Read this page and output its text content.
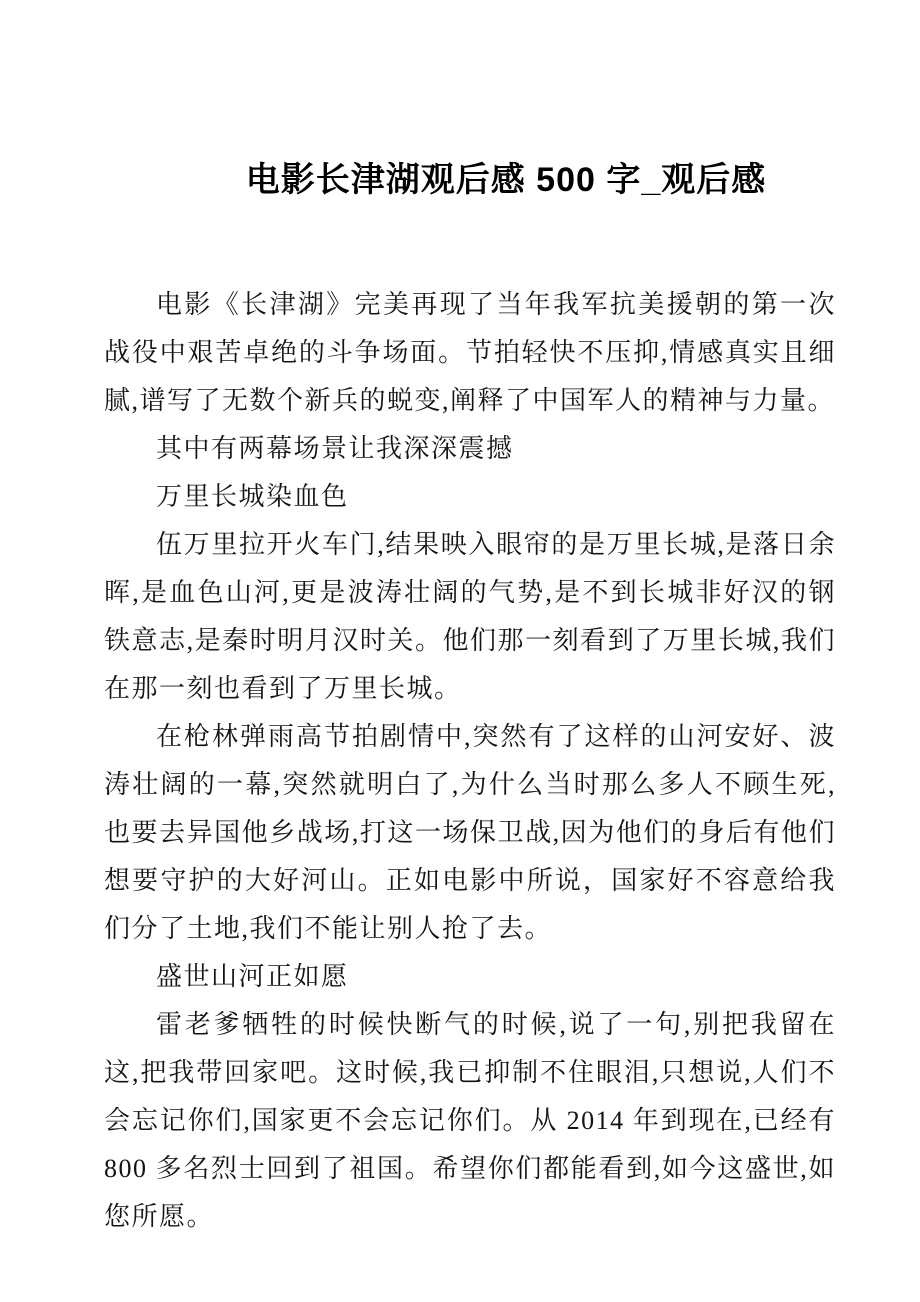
电影长津湖观后感 500 字_观后感

电影《长津湖》完美再现了当年我军抗美援朝的第一次战役中艰苦卓绝的斗争场面。节拍轻快不压抑,情感真实且细腻,谱写了无数个新兵的蜕变,阐释了中国军人的精神与力量。

其中有两幕场景让我深深震撼

万里长城染血色

伍万里拉开火车门,结果映入眼帘的是万里长城,是落日余晖,是血色山河,更是波涛壮阔的气势,是不到长城非好汉的钢铁意志,是秦时明月汉时关。他们那一刻看到了万里长城,我们在那一刻也看到了万里长城。

在枪林弹雨高节拍剧情中,突然有了这样的山河安好、波涛壮阔的一幕,突然就明白了,为什么当时那么多人不顾生死,也要去异国他乡战场,打这一场保卫战,因为他们的身后有他们想要守护的大好河山。正如电影中所说，国家好不容意给我们分了土地,我们不能让别人抢了去。

盛世山河正如愿

雷老爹牺牲的时候快断气的时候,说了一句,别把我留在这,把我带回家吧。这时候,我已抑制不住眼泪,只想说,人们不会忘记你们,国家更不会忘记你们。从 2014 年到现在,已经有 800 多名烈士回到了祖国。希望你们都能看到,如今这盛世,如您所愿。
